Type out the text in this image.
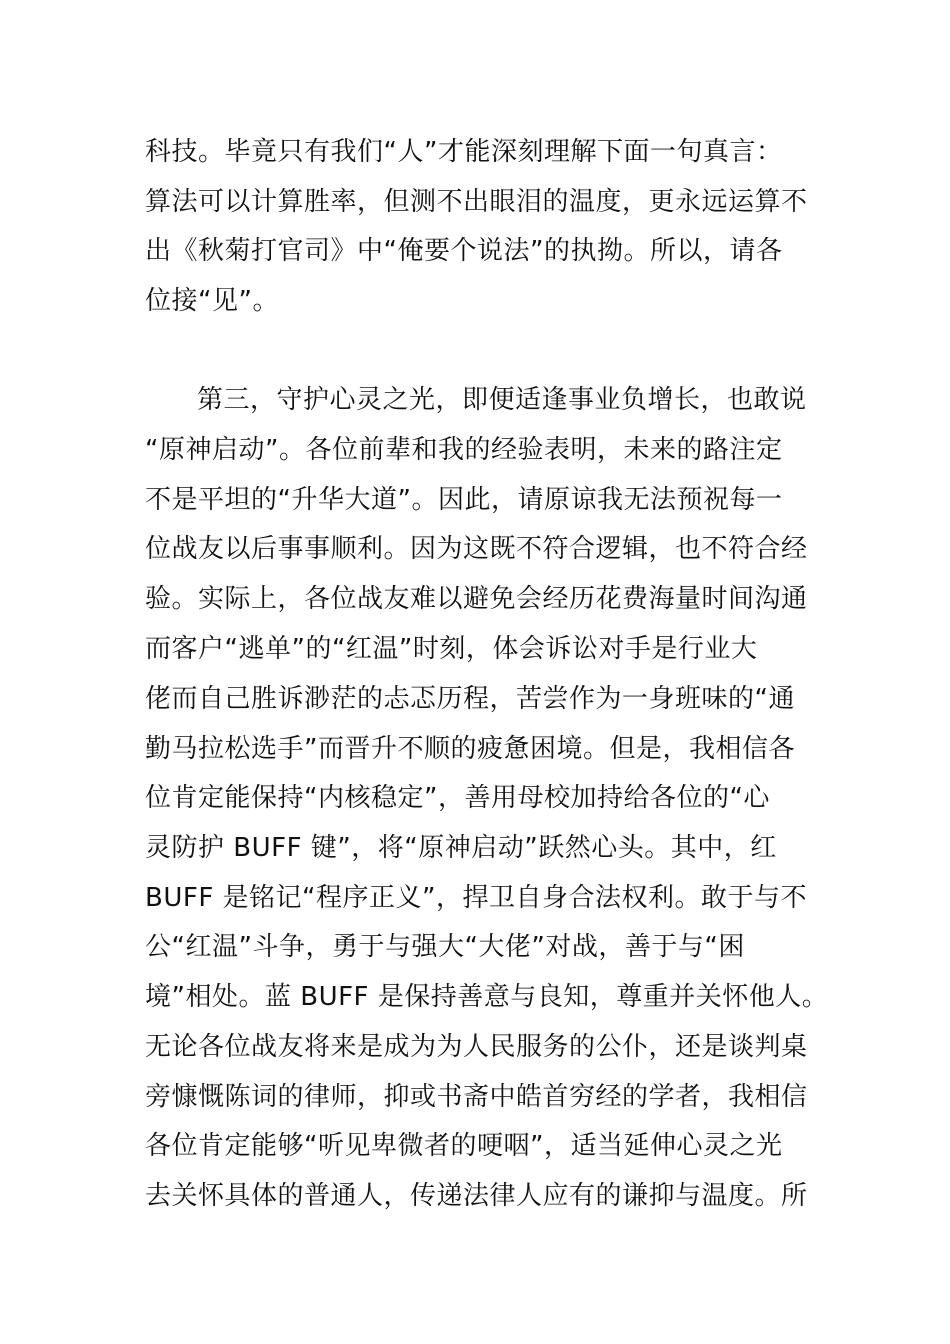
科技。毕竟只有我们“人”才能深刻理解下面一句真言：
算法可以计算胜率，但测不出眼泪的温度，更永远运算不
出《秋菊打官司》中“俺要个说法”的执拗。所以，请各
位接“见”。
第三，守护心灵之光，即便适逢事业负增长，也敢说
“原神启动”。各位前辈和我的经验表明，未来的路注定
不是平坦的“升华大道”。因此，请原谅我无法预祝每一
位战友以后事事顺利。因为这既不符合逻辑，也不符合经
验。实际上，各位战友难以避免会经历花费海量时间沟通
而客户“逃单”的“红温”时刻，体会诉讼对手是行业大
佬而自己胜诉渺茫的忐忑历程，苦尝作为一身班味的“通
勤马拉松选手”而晋升不顺的疲惫困境。但是，我相信各
位肯定能保持“内核稳定”，善用母校加持给各位的“心
灵防护 BUFF 键”，将“原神启动”跃然心头。其中，红
BUFF 是铭记“程序正义”，捍卫自身合法权利。敢于与不
公“红温”斗争，勇于与强大“大佬”对战，善于与“困
境”相处。蓝 BUFF 是保持善意与良知，尊重并关怀他人。
无论各位战友将来是成为为人民服务的公仆，还是谈判桌
旁慷慨陈词的律师，抑或书斋中皓首穷经的学者，我相信
各位肯定能够“听见卑微者的哽咽”，适当延伸心灵之光
去关怀具体的普通人，传递法律人应有的谦抑与温度。所
